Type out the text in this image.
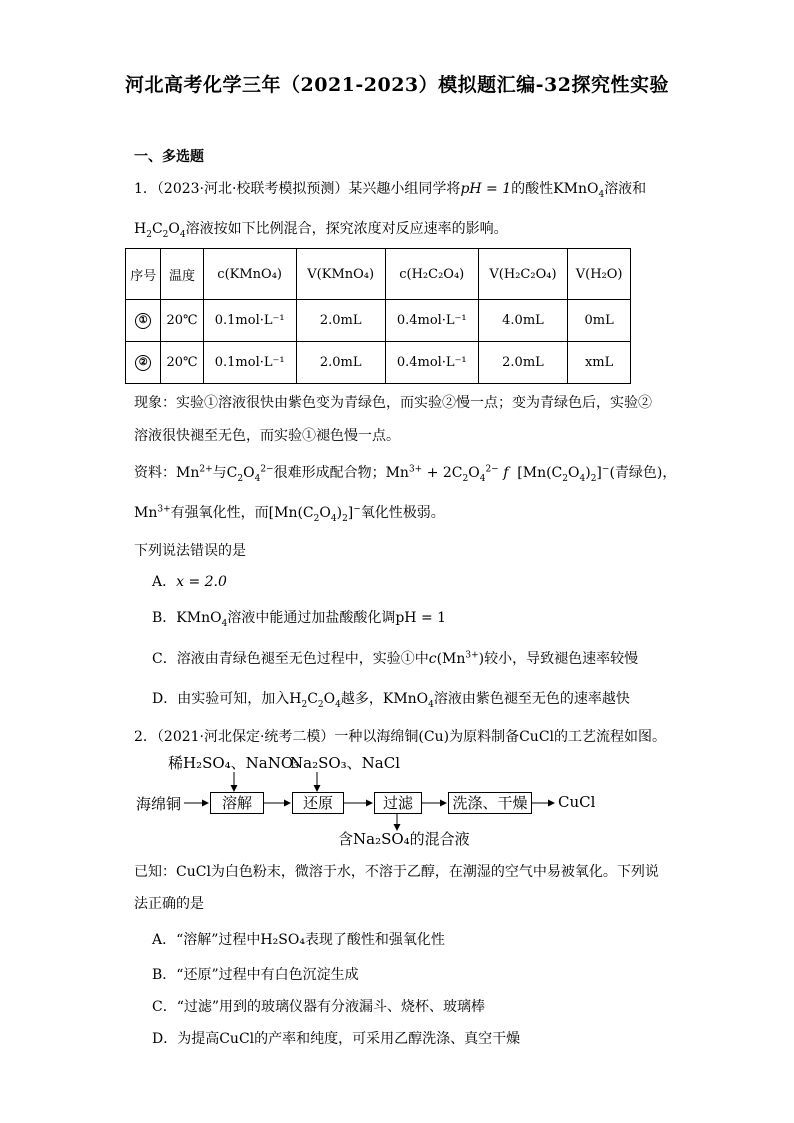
河北高考化学三年（2021-2023）模拟题汇编-32探究性实验
一、多选题
1．（2023·河北·校联考模拟预测）某兴趣小组同学将pH = 1的酸性KMnO$_4$溶液和
$H_2C_2O_4$溶液按如下比例混合，探究浓度对反应速率的影响。
序号	温度	c(KMnO₄)	V(KMnO₄)	c(H₂C₂O₄)	V(H₂C₂O₄)	V(H₂O)
①	20℃	0.1mol·L⁻¹	2.0mL	0.4mol·L⁻¹	4.0mL	0mL
②	20℃	0.1mol·L⁻¹	2.0mL	0.4mol·L⁻¹	2.0mL	xmL
现象：实验①溶液很快由紫色变为青绿色，而实验②慢一点；变为青绿色后，实验②
溶液很快褪至无色，而实验①褪色慢一点。
资料：$Mn^{2+}$与$C_2O_4^{2-}$很难形成配合物；$Mn^{3+} + 2C_2O_4^{2-}$ f  $[Mn(C_2O_4)_2]^-$(青绿色)，
$Mn^{3+}$有强氧化性，而$[Mn(C_2O_4)_2]^-$氧化性极弱。
下列说法错误的是
A．x = 2.0
B．KMnO$_4$溶液中能通过加盐酸酸化调pH = 1
C．溶液由青绿色褪至无色过程中，实验①中$c(Mn^{3+})$较小，导致褪色速率较慢
D．由实验可知，加入$H_2C_2O_4$越多，KMnO$_4$溶液由紫色褪至无色的速率越快
2．（2021·河北保定·统考二模）一种以海绵铜(Cu)为原料制备CuCl的工艺流程如图。
稀H₂SO₄、NaNO₃
Na₂SO₃、NaCl
海绵铜	溶解	还原	过滤	洗涤、干燥	CuCl
含Na₂SO₄的混合液
已知：CuCl为白色粉末，微溶于水，不溶于乙醇，在潮湿的空气中易被氧化。下列说
法正确的是
A．“溶解”过程中H₂SO₄表现了酸性和强氧化性
B．“还原”过程中有白色沉淀生成
C．“过滤”用到的玻璃仪器有分液漏斗、烧杯、玻璃棒
D．为提高CuCl的产率和纯度，可采用乙醇洗涤、真空干燥
